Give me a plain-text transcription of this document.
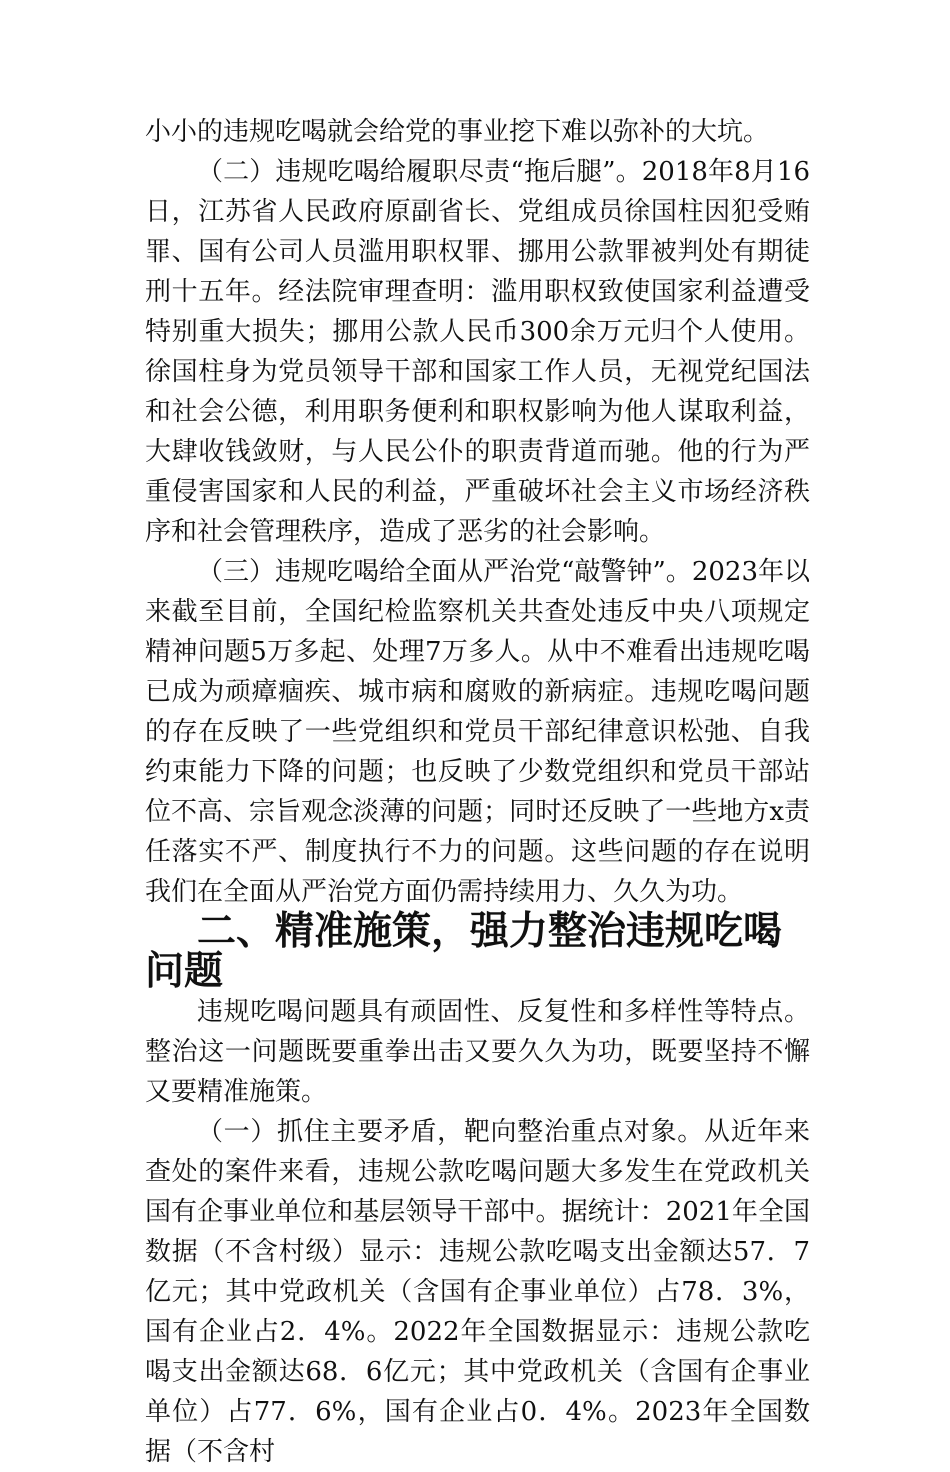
小小的违规吃喝就会给党的事业挖下难以弥补的大坑。

（二）违规吃喝给履职尽责“拖后腿”。2018年8月16日，江苏省人民政府原副省长、党组成员徐国柱因犯受贿罪、国有公司人员滥用职权罪、挪用公款罪被判处有期徒刑十五年。经法院审理查明：滥用职权致使国家利益遭受特别重大损失；挪用公款人民币300余万元归个人使用。徐国柱身为党员领导干部和国家工作人员，无视党纪国法和社会公德，利用职务便利和职权影响为他人谋取利益，大肆收钱敛财，与人民公仆的职责背道而驰。他的行为严重侵害国家和人民的利益，严重破坏社会主义市场经济秩序和社会管理秩序，造成了恶劣的社会影响。

（三）违规吃喝给全面从严治党“敲警钟”。2023年以来截至目前，全国纪检监察机关共查处违反中央八项规定精神问题5万多起、处理7万多人。从中不难看出违规吃喝已成为顽瘴痼疾、城市病和腐败的新病症。违规吃喝问题的存在反映了一些党组织和党员干部纪律意识松弛、自我约束能力下降的问题；也反映了少数党组织和党员干部站位不高、宗旨观念淡薄的问题；同时还反映了一些地方x责任落实不严、制度执行不力的问题。这些问题的存在说明我们在全面从严治党方面仍需持续用力、久久为功。

二、精准施策，强力整治违规吃喝问题

违规吃喝问题具有顽固性、反复性和多样性等特点。整治这一问题既要重拳出击又要久久为功，既要坚持不懈又要精准施策。

（一）抓住主要矛盾，靶向整治重点对象。从近年来查处的案件来看，违规公款吃喝问题大多发生在党政机关国有企事业单位和基层领导干部中。据统计：2021年全国数据（不含村级）显示：违规公款吃喝支出金额达57．7亿元；其中党政机关（含国有企事业单位）占78．3%，国有企业占2．4%。2022年全国数据显示：违规公款吃喝支出金额达68．6亿元；其中党政机关（含国有企事业单位）占77．6%，国有企业占0．4%。2023年全国数据（不含村
